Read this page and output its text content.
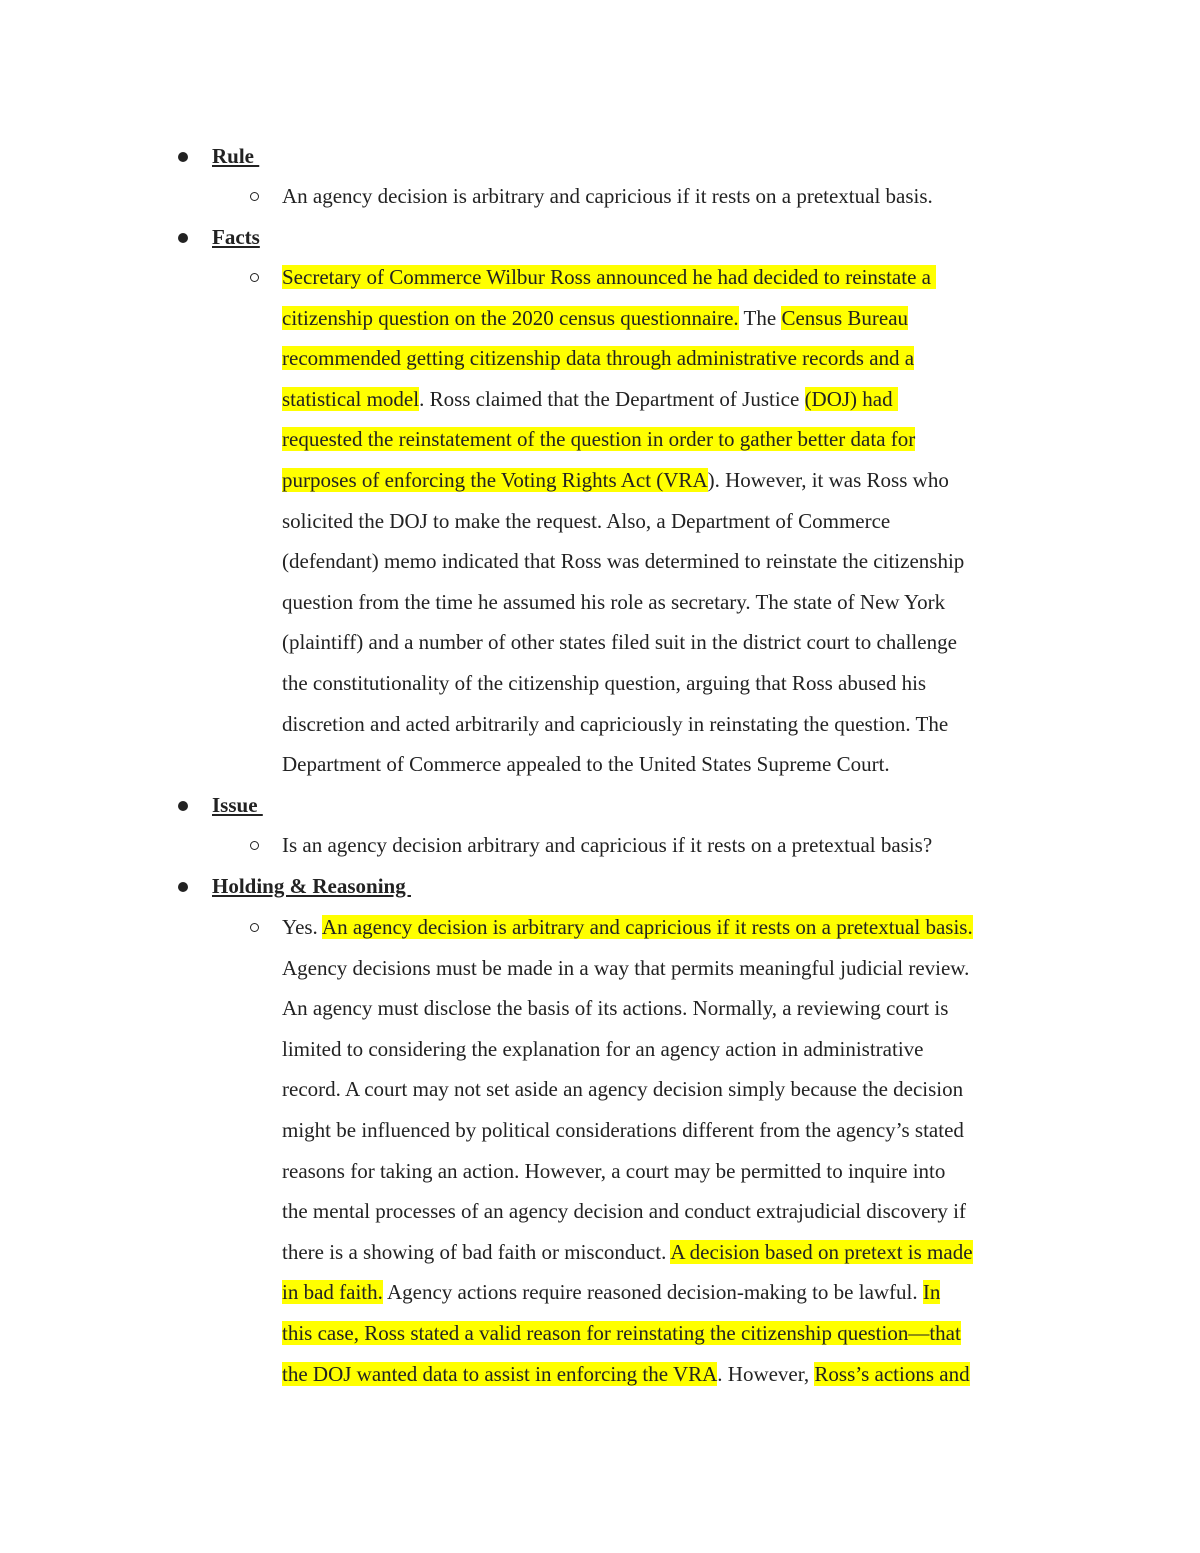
Rule
An agency decision is arbitrary and capricious if it rests on a pretextual basis.
Facts
Secretary of Commerce Wilbur Ross announced he had decided to reinstate a
citizenship question on the 2020 census questionnaire. The Census Bureau
recommended getting citizenship data through administrative records and a
statistical model. Ross claimed that the Department of Justice (DOJ) had
requested the reinstatement of the question in order to gather better data for
purposes of enforcing the Voting Rights Act (VRA). However, it was Ross who
solicited the DOJ to make the request. Also, a Department of Commerce
(defendant) memo indicated that Ross was determined to reinstate the citizenship
question from the time he assumed his role as secretary. The state of New York
(plaintiff) and a number of other states filed suit in the district court to challenge
the constitutionality of the citizenship question, arguing that Ross abused his
discretion and acted arbitrarily and capriciously in reinstating the question. The
Department of Commerce appealed to the United States Supreme Court.
Issue
Is an agency decision arbitrary and capricious if it rests on a pretextual basis?
Holding & Reasoning
Yes. An agency decision is arbitrary and capricious if it rests on a pretextual basis.
Agency decisions must be made in a way that permits meaningful judicial review.
An agency must disclose the basis of its actions. Normally, a reviewing court is
limited to considering the explanation for an agency action in administrative
record. A court may not set aside an agency decision simply because the decision
might be influenced by political considerations different from the agency’s stated
reasons for taking an action. However, a court may be permitted to inquire into
the mental processes of an agency decision and conduct extrajudicial discovery if
there is a showing of bad faith or misconduct. A decision based on pretext is made
in bad faith. Agency actions require reasoned decision-making to be lawful. In
this case, Ross stated a valid reason for reinstating the citizenship question—that
the DOJ wanted data to assist in enforcing the VRA. However, Ross’s actions and
